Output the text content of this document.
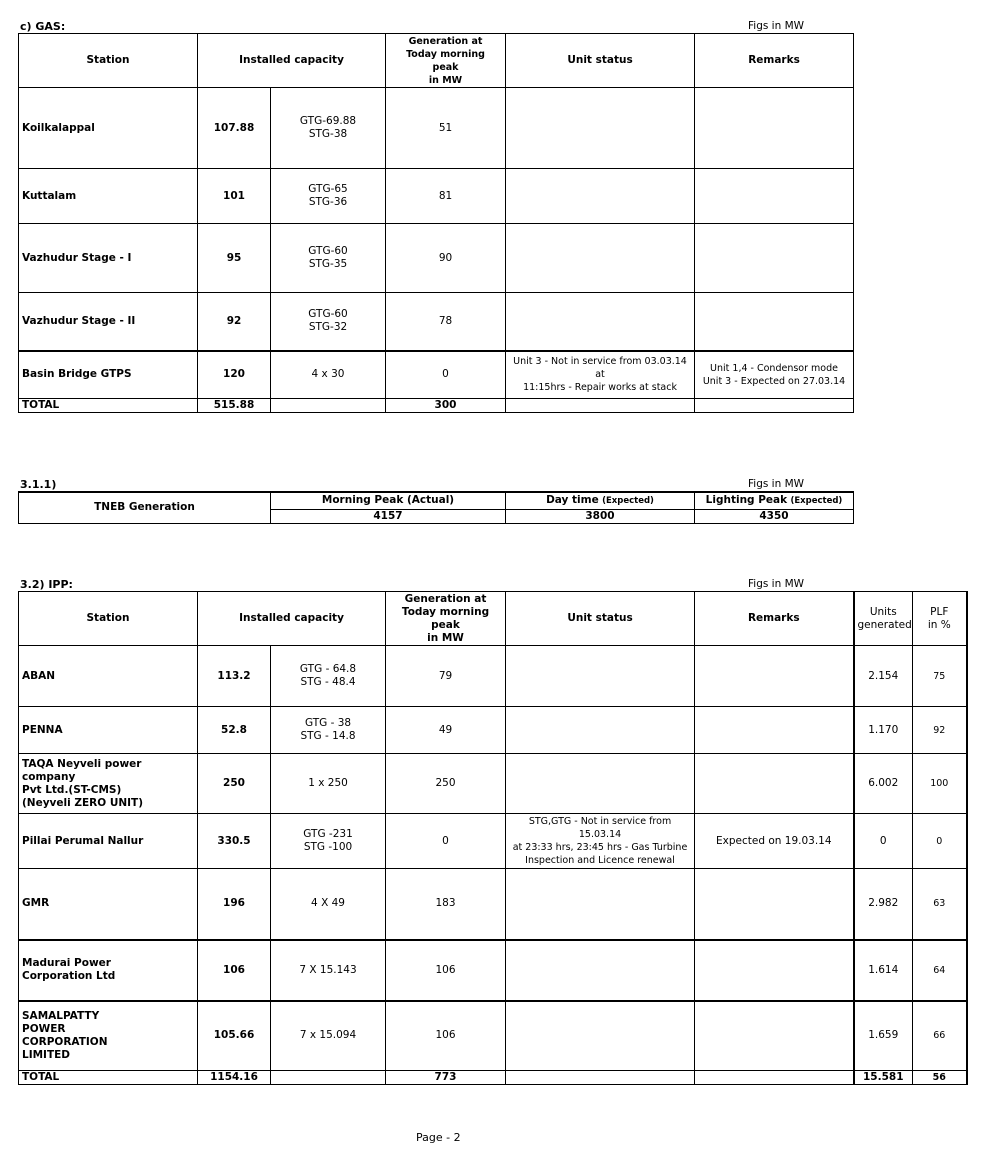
c) GAS:	Figs in MW
Station	Installed capacity		Generation at
Today morning
peak
in MW	Unit status	Remarks
Koilkalappal	107.88	GTG-69.88
STG-38	51		
Kuttalam	101	GTG-65
STG-36	81		
Vazhudur Stage - I	95	GTG-60
STG-35	90		
Vazhudur Stage - II	92	GTG-60
STG-32	78		
Basin Bridge GTPS	120	4 x 30	0	Unit 3 - Not in service from 03.03.14 at
11:15hrs - Repair works at stack	Unit 1,4 - Condensor mode
Unit 3 - Expected on 27.03.14
TOTAL	515.88		300		
3.1.1)	Figs in MW
TNEB Generation	Morning Peak (Actual)	Day time (Expected)	Lighting Peak (Expected)
	4157	3800	4350
3.2) IPP:	Figs in MW
Station	Installed capacity		Generation at
Today morning peak
in MW	Unit status	Remarks	Units
generated	PLF
in %
ABAN	113.2	GTG - 64.8
STG - 48.4	79			2.154	75
PENNA	52.8	GTG - 38
STG - 14.8	49			1.170	92
TAQA Neyveli power company
Pvt Ltd.(ST-CMS)
(Neyveli ZERO UNIT)	250	1 x 250	250			6.002	100
Pillai Perumal Nallur	330.5	GTG -231
STG -100	0	STG,GTG - Not in service from 15.03.14
at 23:33 hrs, 23:45 hrs - Gas Turbine
Inspection and Licence renewal	Expected on 19.03.14	0	0
GMR	196	4 X 49	183			2.982	63
Madurai Power
Corporation Ltd	106	7 X 15.143	106			1.614	64
SAMALPATTY
POWER
CORPORATION
LIMITED	105.66	7 x 15.094	106			1.659	66
TOTAL	1154.16		773			15.581	56
Page - 2
